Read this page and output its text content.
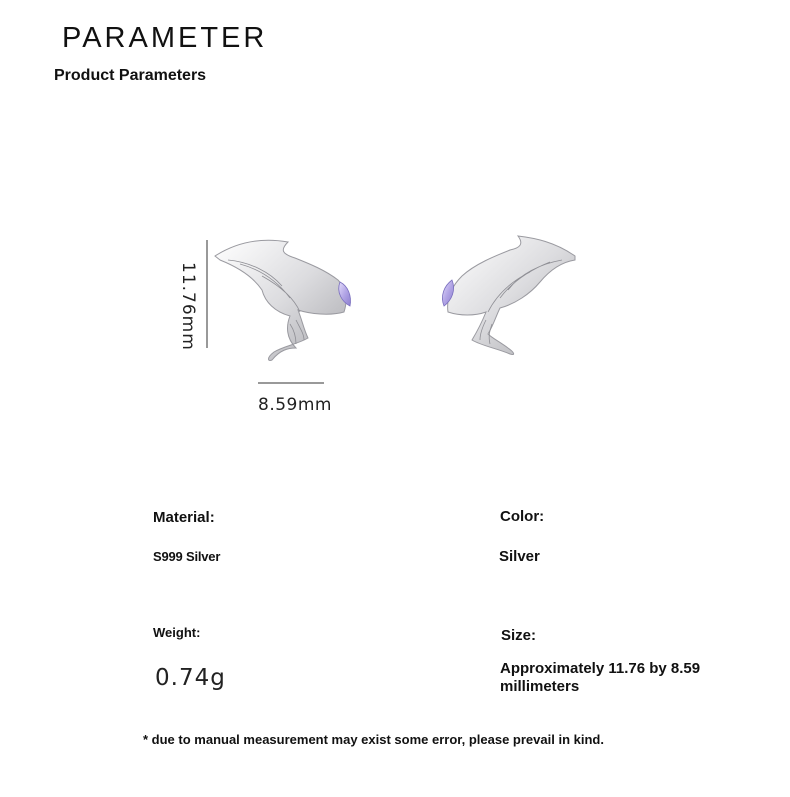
PARAMETER
Product Parameters
11.76mm
8.59mm
Material:
S999 Silver
Color:
Silver
Weight:
0.74g
Size:
Approximately 11.76 by 8.59 millimeters
* due to manual measurement may exist some error, please prevail in kind.
